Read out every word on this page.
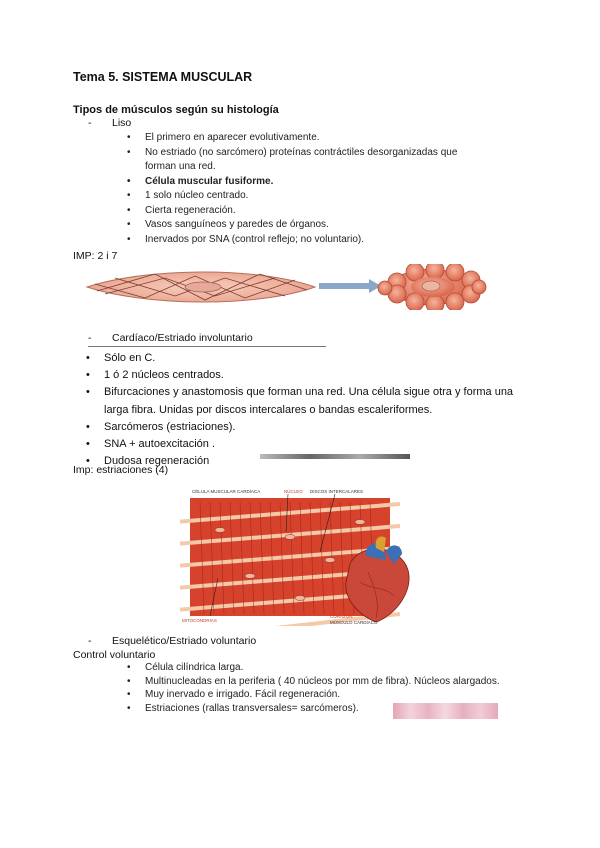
Tema 5. SISTEMA MUSCULAR
Tipos de músculos según su histología
- Liso
• El primero en aparecer evolutivamente.
• No estriado (no sarcómero) proteínas contráctiles desorganizadas que forman una red.
• Célula muscular fusiforme.
• 1 solo núcleo centrado.
• Cierta regeneración.
• Vasos sanguíneos y paredes de órganos.
• Inervados por SNA (control reflejo; no voluntario).
IMP: 2 i 7
Contracción
- Cardíaco/Estriado involuntario
• Sólo en C.
• 1 ó 2 núcleos centrados.
• Bifurcaciones y anastomosis que forman una red. Una célula sigue otra y forma una larga fibra. Unidas por discos intercalares o bandas escaleriformes.
• Sarcómeros (estriaciones).
• SNA + autoexcitación .
• Dudosa regeneración
Imp: estriaciones (4)
CÉLULA MUSCULAR CARDÍACA	NÚCLEO DISCOS INTERCALARES
MITOCONDRIAS
CORAZÓN
MÚSCULO CARDÍACO
- Esquelético/Estriado voluntario
Control voluntario
• Célula cilíndrica larga.
• Multinucleadas en la periferia ( 40 núcleos por mm de fibra). Núcleos alargados.
• Muy inervado e irrigado. Fácil regeneración.
• Estriaciones (rallas transversales= sarcómeros).
